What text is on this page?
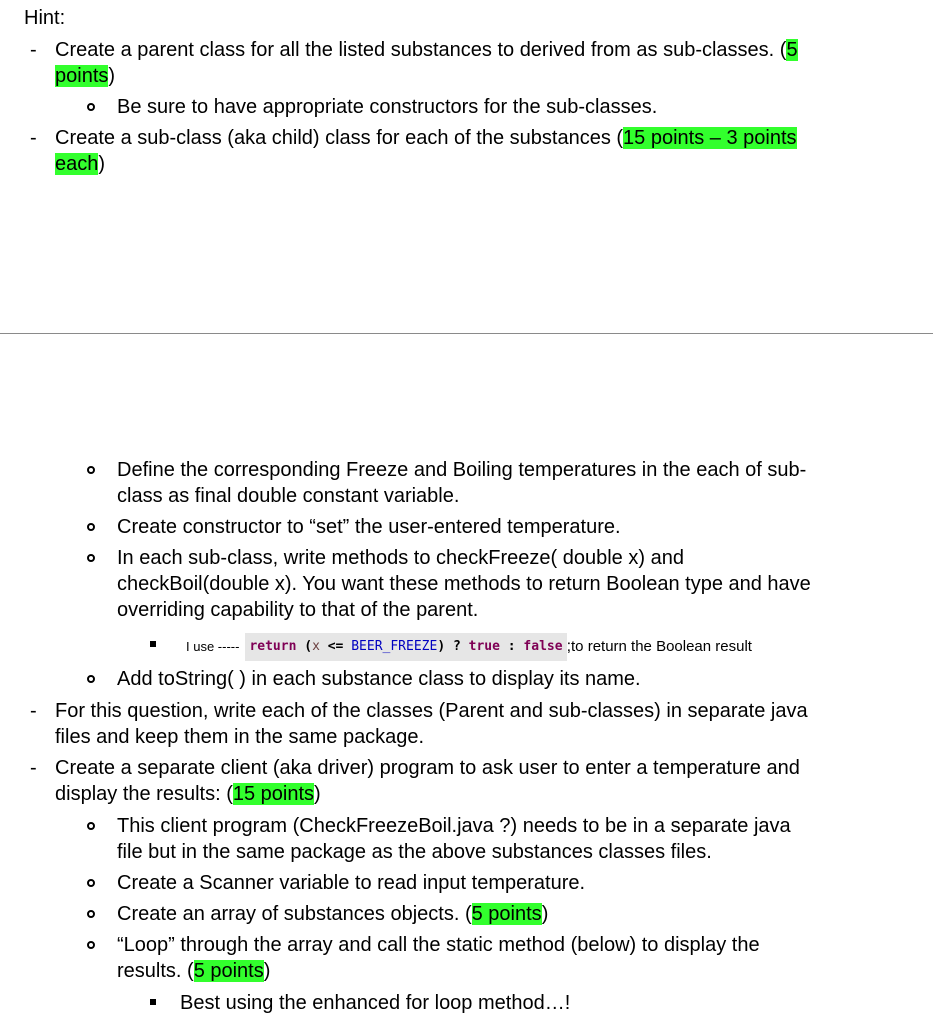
Hint:
- Create a parent class for all the listed substances to derived from as sub-classes. (5
points)
Be sure to have appropriate constructors for the sub-classes.
- Create a sub-class (aka child) class for each of the substances (15 points – 3 points
each)
Define the corresponding Freeze and Boiling temperatures in the each of sub-
class as final double constant variable.
Create constructor to “set” the user-entered temperature.
In each sub-class, write methods to checkFreeze( double x) and
checkBoil(double x). You want these methods to return Boolean type and have
overriding capability to that of the parent.
I use ----- return (x <= BEER_FREEZE) ? true : false ; to return the Boolean result
Add toString( ) in each substance class to display its name.
- For this question, write each of the classes (Parent and sub-classes) in separate java
files and keep them in the same package.
- Create a separate client (aka driver) program to ask user to enter a temperature and
display the results: (15 points)
This client program (CheckFreezeBoil.java ?) needs to be in a separate java
file but in the same package as the above substances classes files.
Create a Scanner variable to read input temperature.
Create an array of substances objects. (5 points)
“Loop” through the array and call the static method (below) to display the
results. (5 points)
Best using the enhanced for loop method…!
